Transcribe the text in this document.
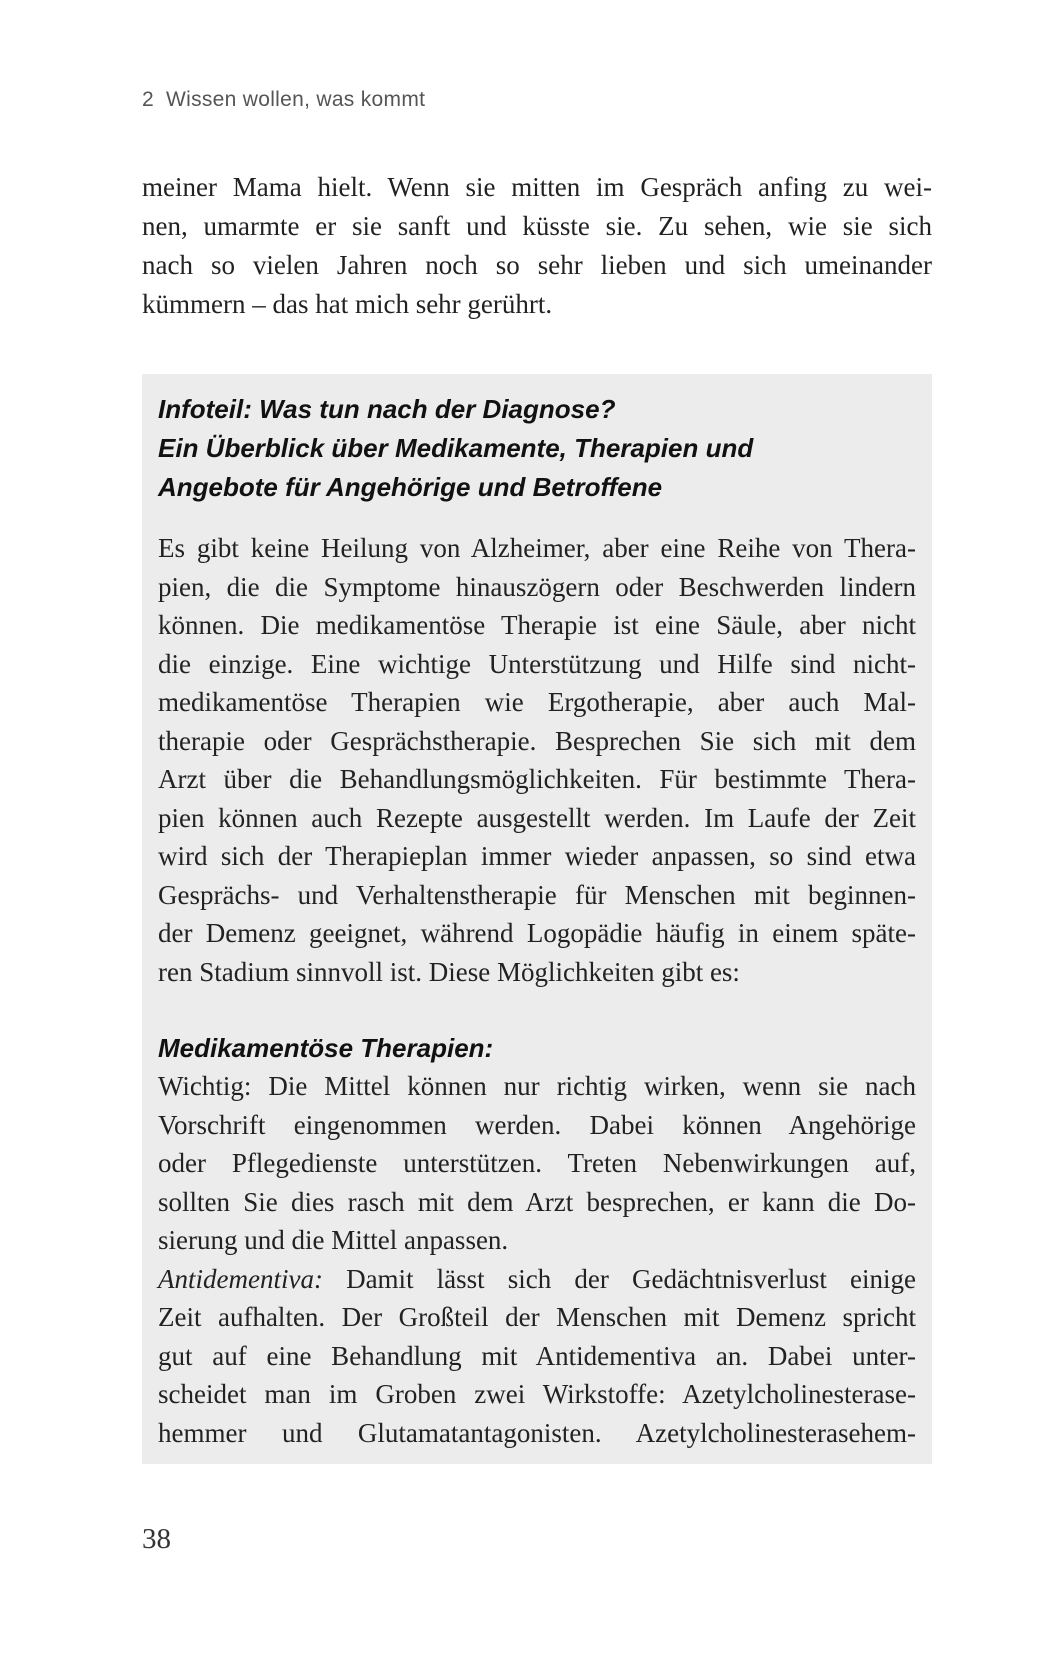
2 Wissen wollen, was kommt

meiner Mama hielt. Wenn sie mitten im Gespräch anfing zu wei-
nen, umarmte er sie sanft und küsste sie. Zu sehen, wie sie sich
nach so vielen Jahren noch so sehr lieben und sich umeinander
kümmern – das hat mich sehr gerührt.

Infoteil: Was tun nach der Diagnose?
Ein Überblick über Medikamente, Therapien und
Angebote für Angehörige und Betroffene

Es gibt keine Heilung von Alzheimer, aber eine Reihe von Thera-
pien, die die Symptome hinauszögern oder Beschwerden lindern
können. Die medikamentöse Therapie ist eine Säule, aber nicht
die einzige. Eine wichtige Unterstützung und Hilfe sind nicht-
medikamentöse Therapien wie Ergotherapie, aber auch Mal-
therapie oder Gesprächstherapie. Besprechen Sie sich mit dem
Arzt über die Behandlungsmöglichkeiten. Für bestimmte Thera-
pien können auch Rezepte ausgestellt werden. Im Laufe der Zeit
wird sich der Therapieplan immer wieder anpassen, so sind etwa
Gesprächs- und Verhaltenstherapie für Menschen mit beginnen-
der Demenz geeignet, während Logopädie häufig in einem späte-
ren Stadium sinnvoll ist. Diese Möglichkeiten gibt es:

Medikamentöse Therapien:

Wichtig: Die Mittel können nur richtig wirken, wenn sie nach
Vorschrift eingenommen werden. Dabei können Angehörige
oder Pflegedienste unterstützen. Treten Nebenwirkungen auf,
sollten Sie dies rasch mit dem Arzt besprechen, er kann die Do-
sierung und die Mittel anpassen.

Antidementiva: Damit lässt sich der Gedächtnisverlust einige
Zeit aufhalten. Der Großteil der Menschen mit Demenz spricht
gut auf eine Behandlung mit Antidementiva an. Dabei unter-
scheidet man im Groben zwei Wirkstoffe: Azetylcholinesterase-
hemmer und Glutamatantagonisten. Azetylcholinesterasehem-

38
